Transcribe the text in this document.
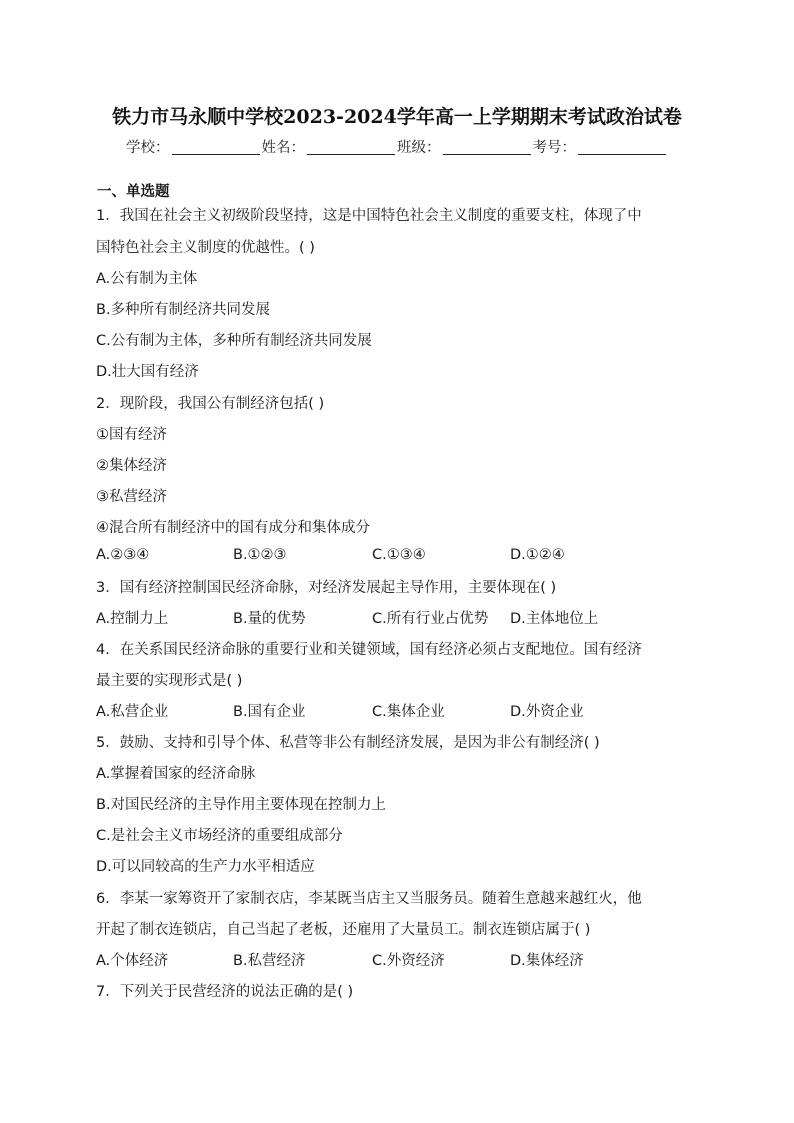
铁力市马永顺中学校2023-2024学年高一上学期期末考试政治试卷
学校：	姓名：	班级：	考号：
一、单选题
1．我国在社会主义初级阶段坚持，这是中国特色社会主义制度的重要支柱，体现了中
国特色社会主义制度的优越性。( )
A.公有制为主体
B.多种所有制经济共同发展
C.公有制为主体，多种所有制经济共同发展
D.壮大国有经济
2．现阶段，我国公有制经济包括( )
①国有经济
②集体经济
③私营经济
④混合所有制经济中的国有成分和集体成分
A.②③④	B.①②③	C.①③④	D.①②④
3．国有经济控制国民经济命脉，对经济发展起主导作用，主要体现在( )
A.控制力上	B.量的优势	C.所有行业占优势 D.主体地位上
4．在关系国民经济命脉的重要行业和关键领域，国有经济必须占支配地位。国有经济
最主要的实现形式是( )
A.私营企业	B.国有企业	C.集体企业	D.外资企业
5．鼓励、支持和引导个体、私营等非公有制经济发展，是因为非公有制经济( )
A.掌握着国家的经济命脉
B.对国民经济的主导作用主要体现在控制力上
C.是社会主义市场经济的重要组成部分
D.可以同较高的生产力水平相适应
6．李某一家筹资开了家制衣店，李某既当店主又当服务员。随着生意越来越红火，他
开起了制衣连锁店，自己当起了老板，还雇用了大量员工。制衣连锁店属于( )
A.个体经济	B.私营经济	C.外资经济	D.集体经济
7．下列关于民营经济的说法正确的是( )
